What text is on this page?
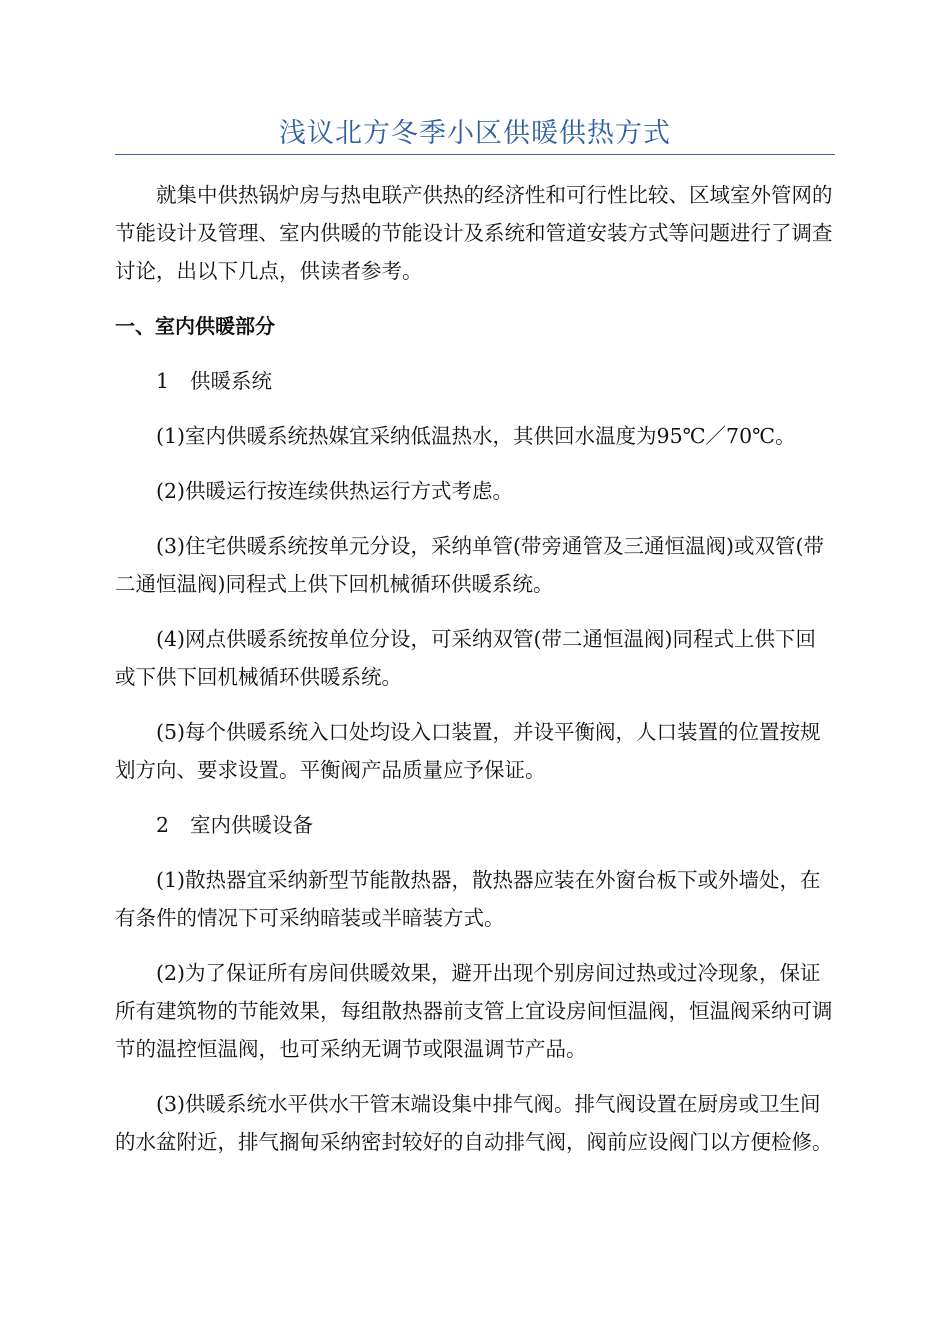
浅议北方冬季小区供暖供热方式

就集中供热锅炉房与热电联产供热的经济性和可行性比较、区域室外管网的节能设计及管理、室内供暖的节能设计及系统和管道安装方式等问题进行了调查讨论，出以下几点，供读者参考。

一、室内供暖部分

1 供暖系统

(1)室内供暖系统热媒宜采纳低温热水，其供回水温度为95℃／70℃。

(2)供暖运行按连续供热运行方式考虑。

(3)住宅供暖系统按单元分设，采纳单管(带旁通管及三通恒温阀)或双管(带二通恒温阀)同程式上供下回机械循环供暖系统。

(4)网点供暖系统按单位分设，可采纳双管(带二通恒温阀)同程式上供下回或下供下回机械循环供暖系统。

(5)每个供暖系统入口处均设入口装置，并设平衡阀，人口装置的位置按规划方向、要求设置。平衡阀产品质量应予保证。

2 室内供暖设备

(1)散热器宜采纳新型节能散热器，散热器应装在外窗台板下或外墙处，在有条件的情况下可采纳暗装或半暗装方式。

(2)为了保证所有房间供暖效果，避开出现个别房间过热或过冷现象，保证所有建筑物的节能效果，每组散热器前支管上宜设房间恒温阀，恒温阀采纳可调节的温控恒温阀，也可采纳无调节或限温调节产品。

(3)供暖系统水平供水干管末端设集中排气阀。排气阀设置在厨房或卫生间的水盆附近，排气搁甸采纳密封较好的自动排气阀，阀前应设阀门以方便检修。
